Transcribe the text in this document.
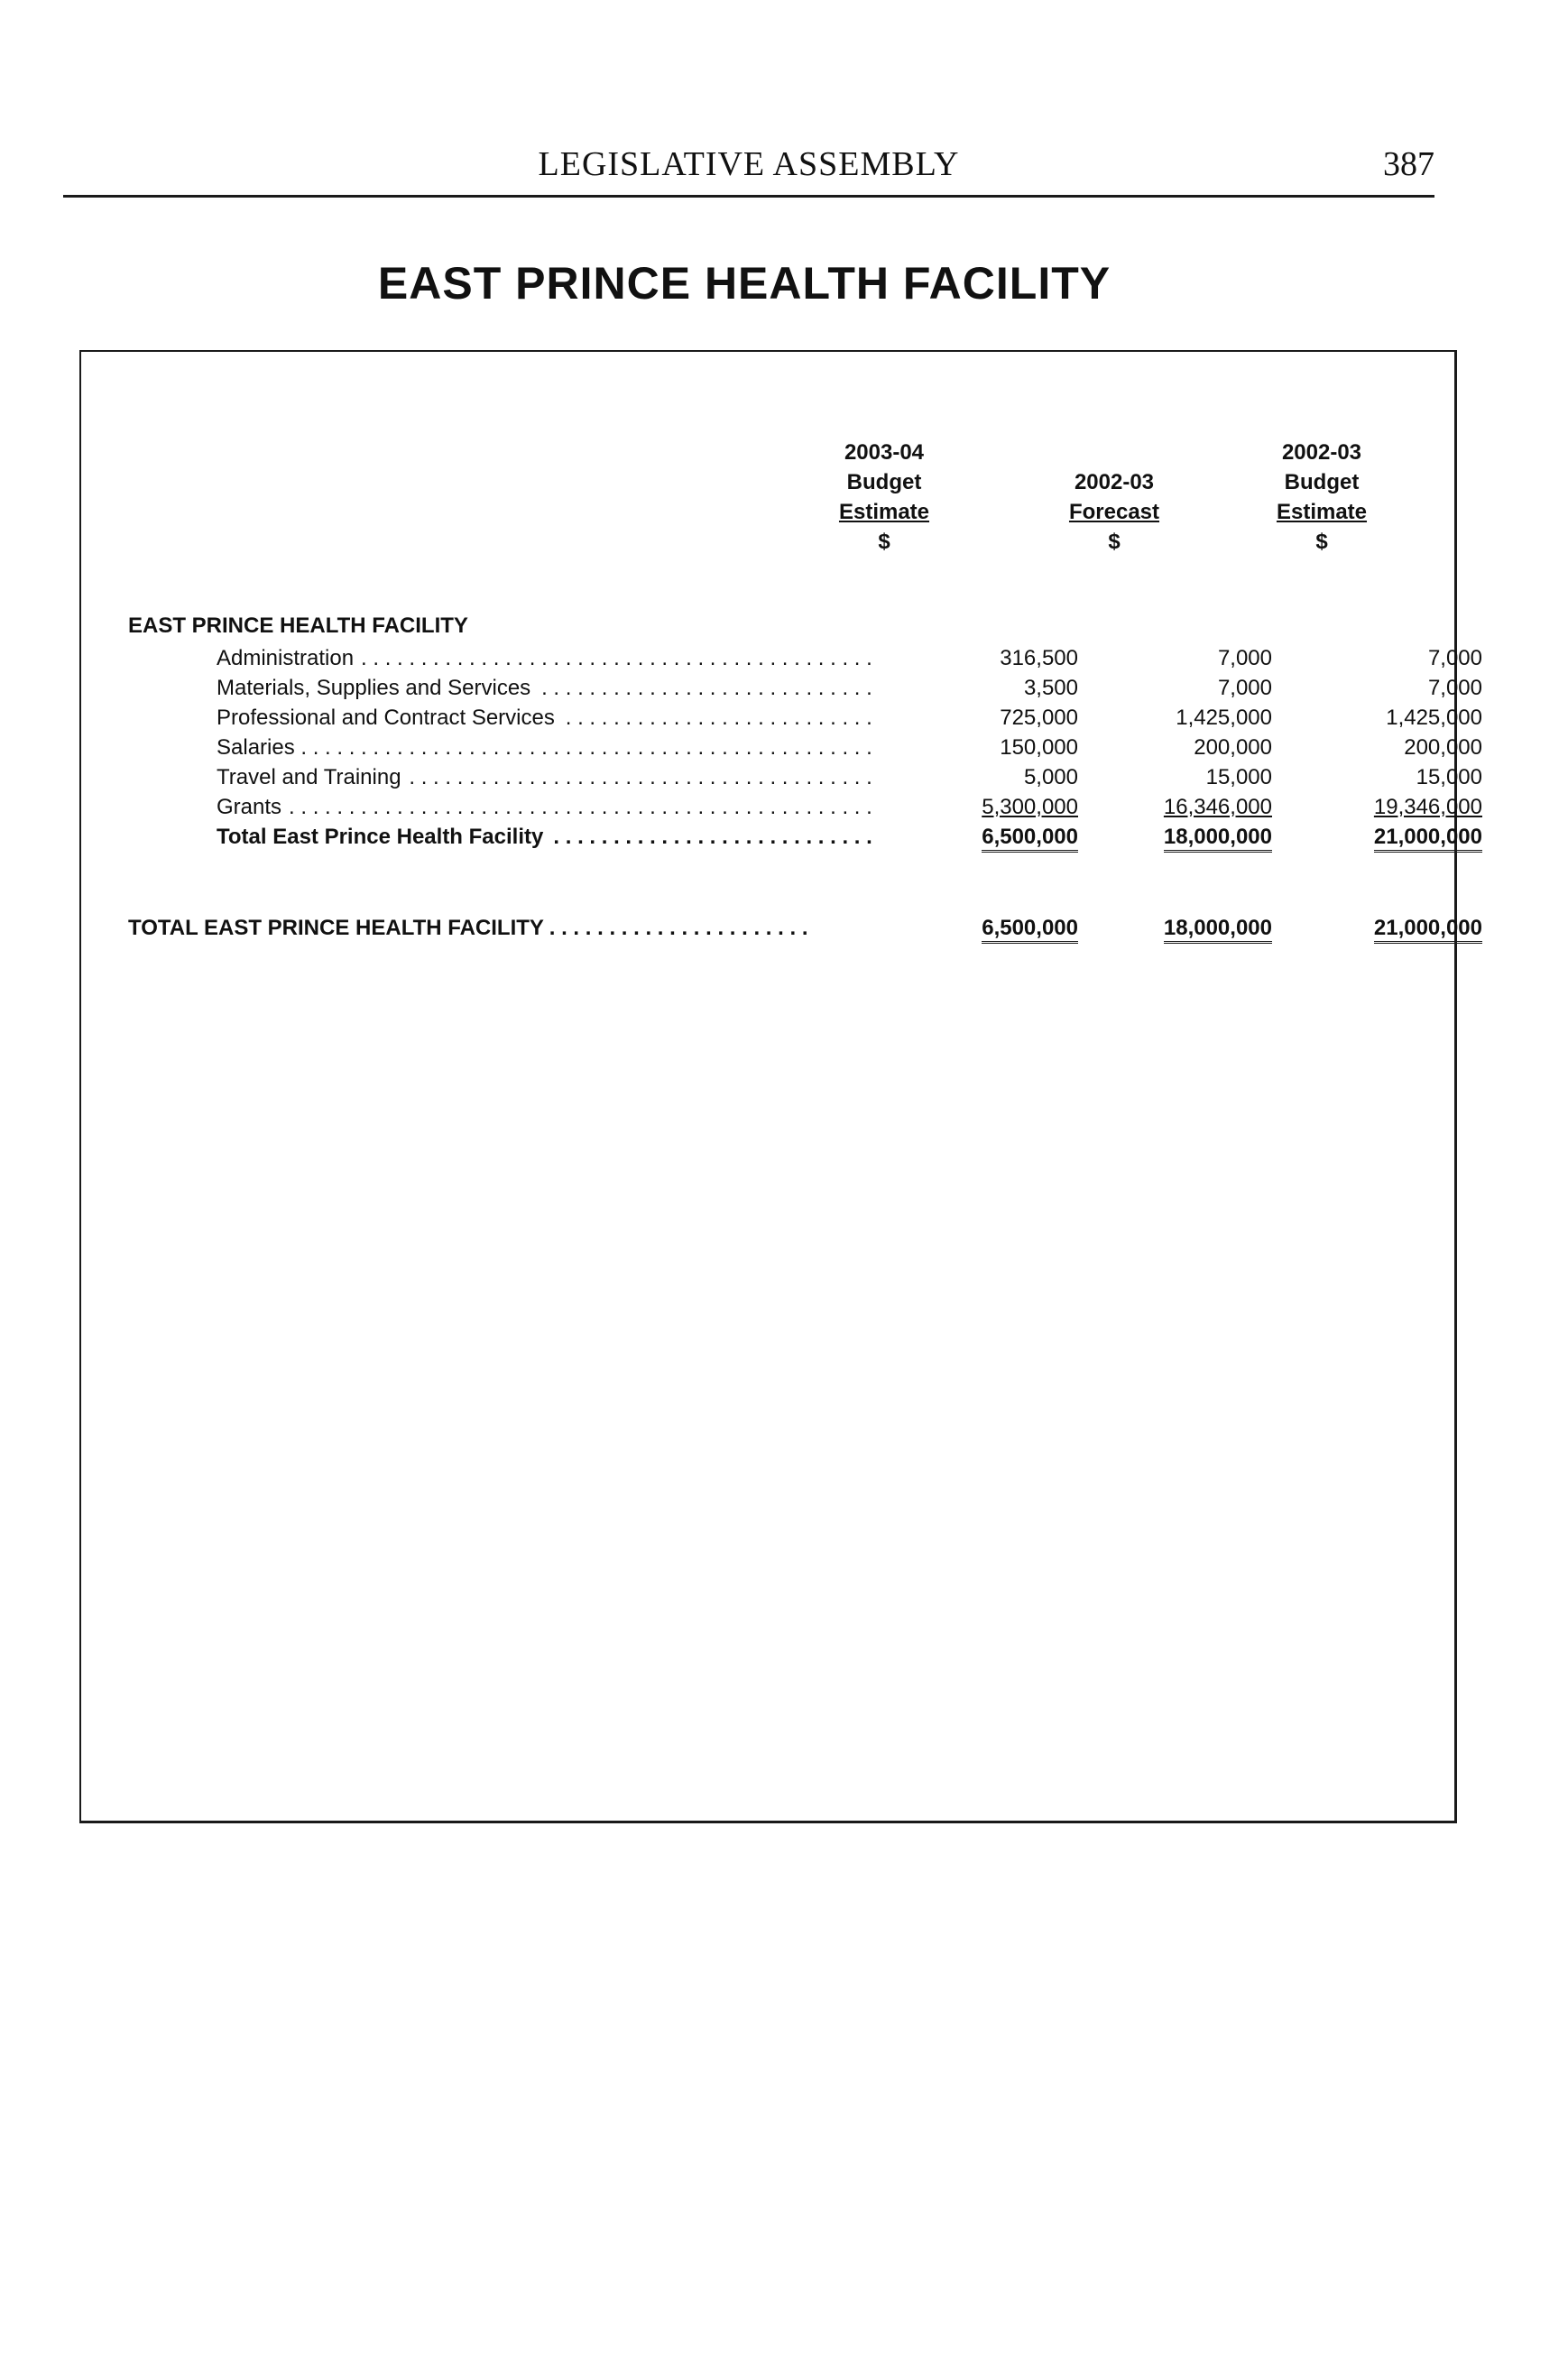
LEGISLATIVE ASSEMBLY	387
EAST PRINCE HEALTH FACILITY
2003-04
Budget
Estimate
$
2002-03
Forecast
$
2002-03
Budget
Estimate
$
EAST PRINCE HEALTH FACILITY
Administration . . .	316,500	7,000	7,000
Materials, Supplies and Services . . .	3,500	7,000	7,000
Professional and Contract Services . . .	725,000	1,425,000	1,425,000
Salaries . . .	150,000	200,000	200,000
Travel and Training . . .	5,000	15,000	15,000
Grants . . .	5,300,000	16,346,000	19,346,000
Total East Prince Health Facility . . .	6,500,000	18,000,000	21,000,000
TOTAL EAST PRINCE HEALTH FACILITY . . .	6,500,000	18,000,000	21,000,000
